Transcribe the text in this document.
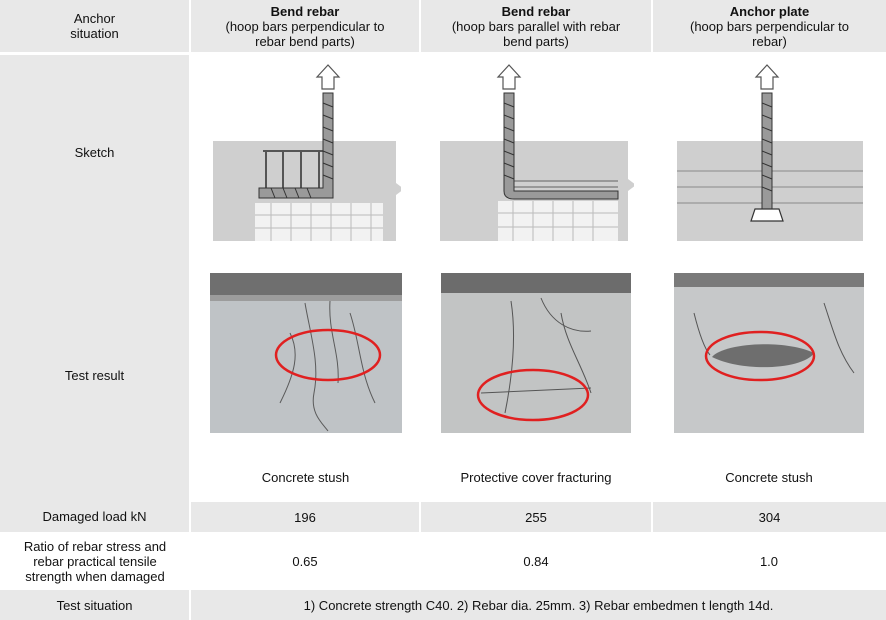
Anchor
situation	Bend rebar
(hoop bars perpendicular to
rebar bend parts)	Bend rebar
(hoop bars parallel with rebar
bend parts)	Anchor plate
(hoop bars perpendicular to
rebar)

Sketch	

Test result	

	Concrete stush	Protective cover fracturing	Concrete stush
Damaged load kN	196	255	304

Ratio of rebar stress and
rebar practical tensile
strength when damaged	0.65	0.84	1.0
Test situation	1) Concrete strength C40. 2) Rebar dia. 25mm. 3) Rebar embedmen t length 14d.		
